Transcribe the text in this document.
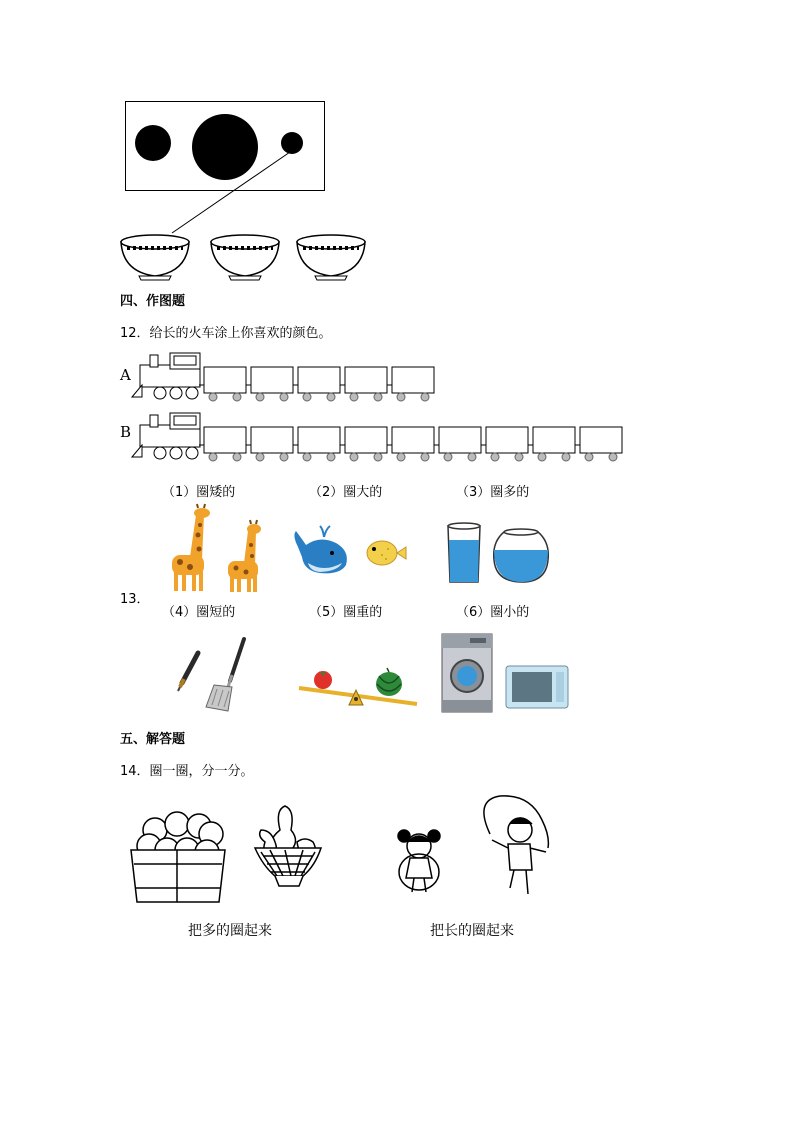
四、作图题
12．给长的火车涂上你喜欢的颜色。
A
B
（1）圈矮的	（2）圈大的	（3）圈多的
13．
（4）圈短的	（5）圈重的	（6）圈小的
五、解答题
14．圈一圈，分一分。
把多的圈起来	把长的圈起来
